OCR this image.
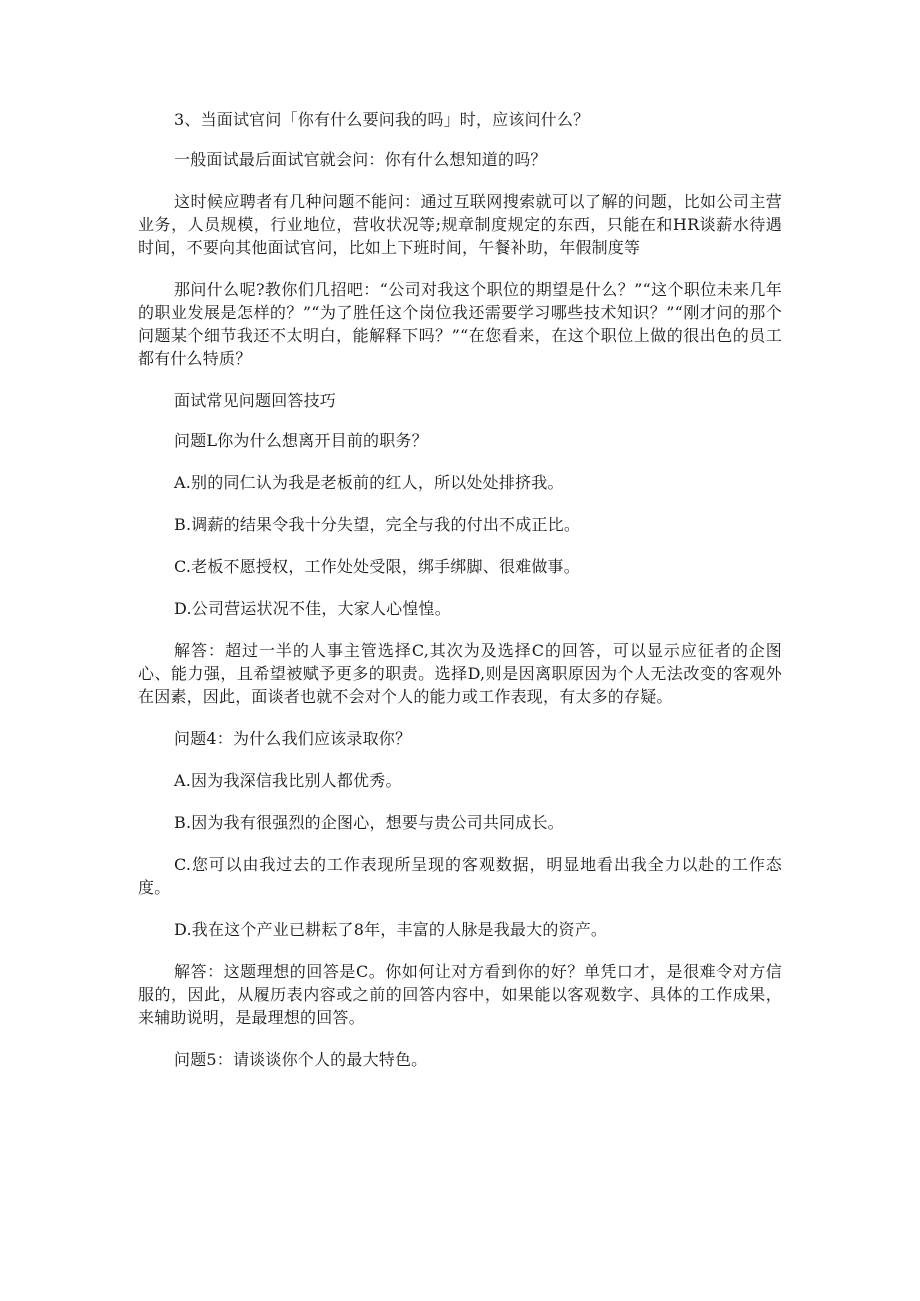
3、当面试官问「你有什么要问我的吗」时，应该问什么？

一般面试最后面试官就会问：你有什么想知道的吗？

这时候应聘者有几种问题不能问：通过互联网搜索就可以了解的问题，比如公司主营业务，人员规模，行业地位，营收状况等;规章制度规定的东西，只能在和HR谈薪水待遇时间，不要向其他面试官问，比如上下班时间，午餐补助，年假制度等

那问什么呢?教你们几招吧：“公司对我这个职位的期望是什么？”“这个职位未来几年的职业发展是怎样的？”“为了胜任这个岗位我还需要学习哪些技术知识？”“刚才问的那个问题某个细节我还不太明白，能解释下吗？”“在您看来，在这个职位上做的很出色的员工都有什么特质？

面试常见问题回答技巧

问题L你为什么想离开目前的职务？

A.别的同仁认为我是老板前的红人，所以处处排挤我。

B.调薪的结果令我十分失望，完全与我的付出不成正比。

C.老板不愿授权，工作处处受限，绑手绑脚、很难做事。

D.公司营运状况不佳，大家人心惶惶。

解答：超过一半的人事主管选择C,其次为及选择C的回答，可以显示应征者的企图心、能力强，且希望被赋予更多的职责。选择D,则是因离职原因为个人无法改变的客观外在因素，因此，面谈者也就不会对个人的能力或工作表现，有太多的存疑。

问题4：为什么我们应该录取你？

A.因为我深信我比别人都优秀。

B.因为我有很强烈的企图心，想要与贵公司共同成长。

C.您可以由我过去的工作表现所呈现的客观数据，明显地看出我全力以赴的工作态度。

D.我在这个产业已耕耘了8年，丰富的人脉是我最大的资产。

解答：这题理想的回答是C。你如何让对方看到你的好？单凭口才，是很难令对方信服的，因此，从履历表内容或之前的回答内容中，如果能以客观数字、具体的工作成果，来辅助说明，是最理想的回答。

问题5：请谈谈你个人的最大特色。
